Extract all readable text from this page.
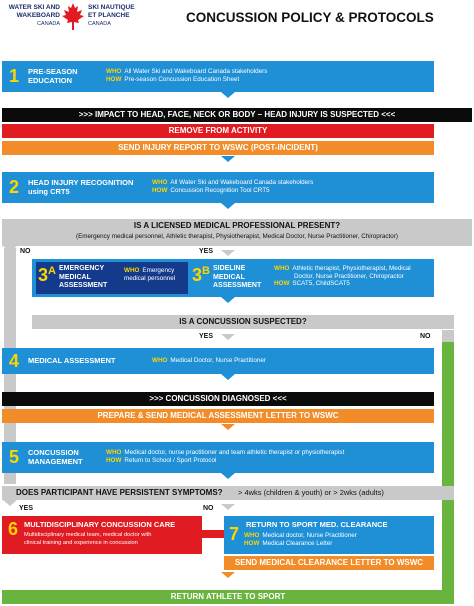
WATER SKI AND
WAKEBOARD
CANADA
SKI NAUTIQUE
ET PLANCHE
CANADA	CONCUSSION POLICY & PROTOCOLS
1 PRE-SEASON
EDUCATION
WHO All Water Ski and Wakeboard Canada stakeholders
HOW Pre-season Concussion Education Sheet
>>> IMPACT TO HEAD, FACE, NECK OR BODY – HEAD INJURY IS SUSPECTED <<<
REMOVE FROM ACTIVITY
SEND INJURY REPORT TO WSWC (POST-INCIDENT)
2 HEAD INJURY RECOGNITION
using CRT5
WHO All Water Ski and Wakeboard Canada stakeholders
HOW Concussion Recognition Tool CRT5
IS A LICENSED MEDICAL PROFESSIONAL PRESENT?
(Emergency medical personnel, Athletic therapist, Physiotherapist, Medical Doctor, Nurse Practitioner, Chiropractor)
NO	YES
$3^A$ EMERGENCY
MEDICAL
ASSESSMENT
WHO Emergency
medical personnel $3^B$ SIDELINE
MEDICAL
ASSESSMENT
WHO Athletic therapist, Physiotherapist, Medical
Doctor, Nurse Practitioner, Chiropractor
HOW SCAT5, ChildSCAT5
IS A CONCUSSION SUSPECTED?
YES	NO
4 MEDICAL ASSESSMENT	WHO Medical Doctor, Nurse Practitioner
>>> CONCUSSION DIAGNOSED <<<
PREPARE & SEND MEDICAL ASSESSMENT LETTER TO WSWC
5 CONCUSSION
MANAGEMENT
WHO Medical doctor, nurse practitioner and team athletic therapist or physiotherapist
HOW Return to School / Sport Protocol
DOES PARTICIPANT HAVE PERSISTENT SYMPTOMS? > 4wks (children & youth) or > 2wks (adults)
YES	NO
6 MULTIDISCIPLINARY CONCUSSION CARE
Multidisciplinary medical team, medical doctor with
clinical training and experience in concussion	7 RETURN TO SPORT MED. CLEARANCE
WHO Medical doctor, Nurse Practitioner
HOW Medical Clearance Letter
SEND MEDICAL CLEARANCE LETTER TO WSWC
RETURN ATHLETE TO SPORT
